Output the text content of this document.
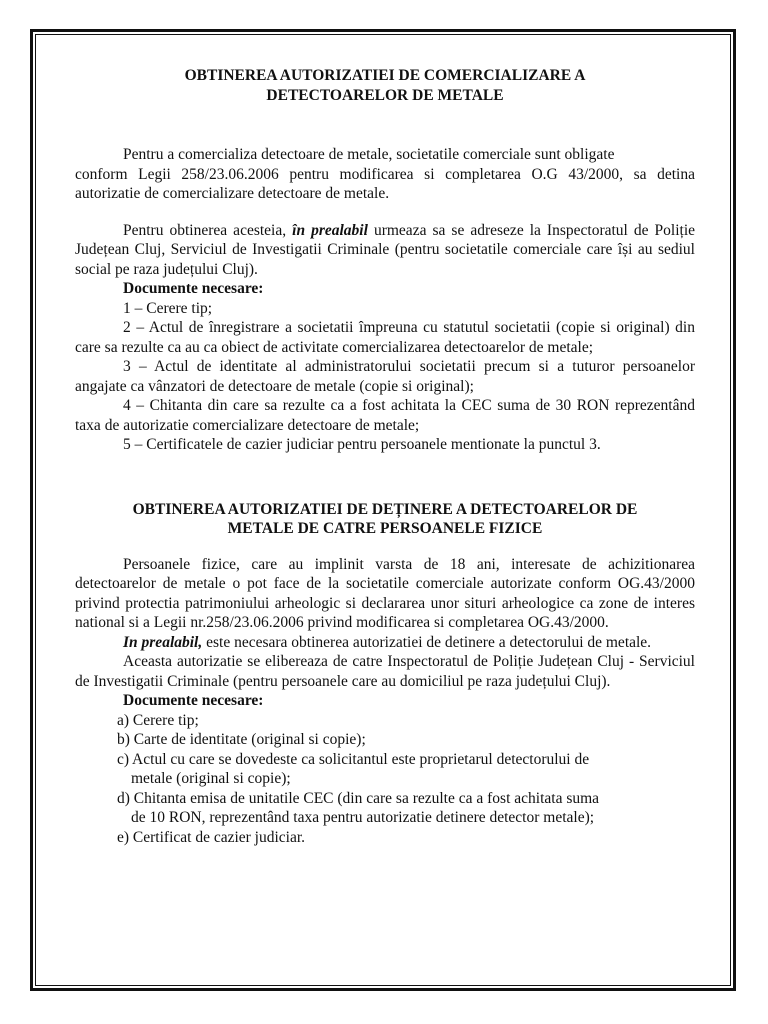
OBTINEREA AUTORIZATIEI DE COMERCIALIZARE A
DETECTOARELOR DE METALE

Pentru a comercializa detectoare de metale, societatile comerciale sunt obligate

conform Legii 258/23.06.2006 pentru modificarea si completarea O.G 43/2000, sa detina autorizatie de comercializare detectoare de metale.

Pentru obtinerea acesteia, în prealabil urmeaza sa se adreseze la Inspectoratul de Poliție Județean Cluj, Serviciul de Investigatii Criminale (pentru societatile comerciale care își au sediul social pe raza județului Cluj).

Documente necesare:

1 – Cerere tip;

2 – Actul de înregistrare a societatii împreuna cu statutul societatii (copie si original) din care sa rezulte ca au ca obiect de activitate comercializarea detectoarelor de metale;

3 – Actul de identitate al administratorului societatii precum si a tuturor persoanelor angajate ca vânzatori de detectoare de metale (copie si original);

4 – Chitanta din care sa rezulte ca a fost achitata la CEC suma de 30 RON reprezentând taxa de autorizatie comercializare detectoare de metale;

5 – Certificatele de cazier judiciar pentru persoanele mentionate la punctul 3.

OBTINEREA AUTORIZATIEI DE DEȚINERE A DETECTOARELOR DE
METALE DE CATRE PERSOANELE FIZICE

Persoanele fizice, care au implinit varsta de 18 ani, interesate de achizitionarea detectoarelor de metale o pot face de la societatile comerciale autorizate conform OG.43/2000 privind protectia patrimoniului arheologic si declararea unor situri arheologice ca zone de interes national si a Legii nr.258/23.06.2006 privind modificarea si completarea OG.43/2000.

In prealabil, este necesara obtinerea autorizatiei de detinere a detectorului de metale.

Aceasta autorizatie se elibereaza de catre Inspectoratul de Poliție Județean Cluj - Serviciul de Investigatii Criminale (pentru persoanele care au domiciliul pe raza județului Cluj).

Documente necesare:

a) Cerere tip;
b) Carte de identitate (original si copie);
c) Actul cu care se dovedeste ca solicitantul este proprietarul detectorului de
metale (original si copie);
d) Chitanta emisa de unitatile CEC (din care sa rezulte ca a fost achitata suma
de 10 RON, reprezentând taxa pentru autorizatie detinere detector metale);
e) Certificat de cazier judiciar.
